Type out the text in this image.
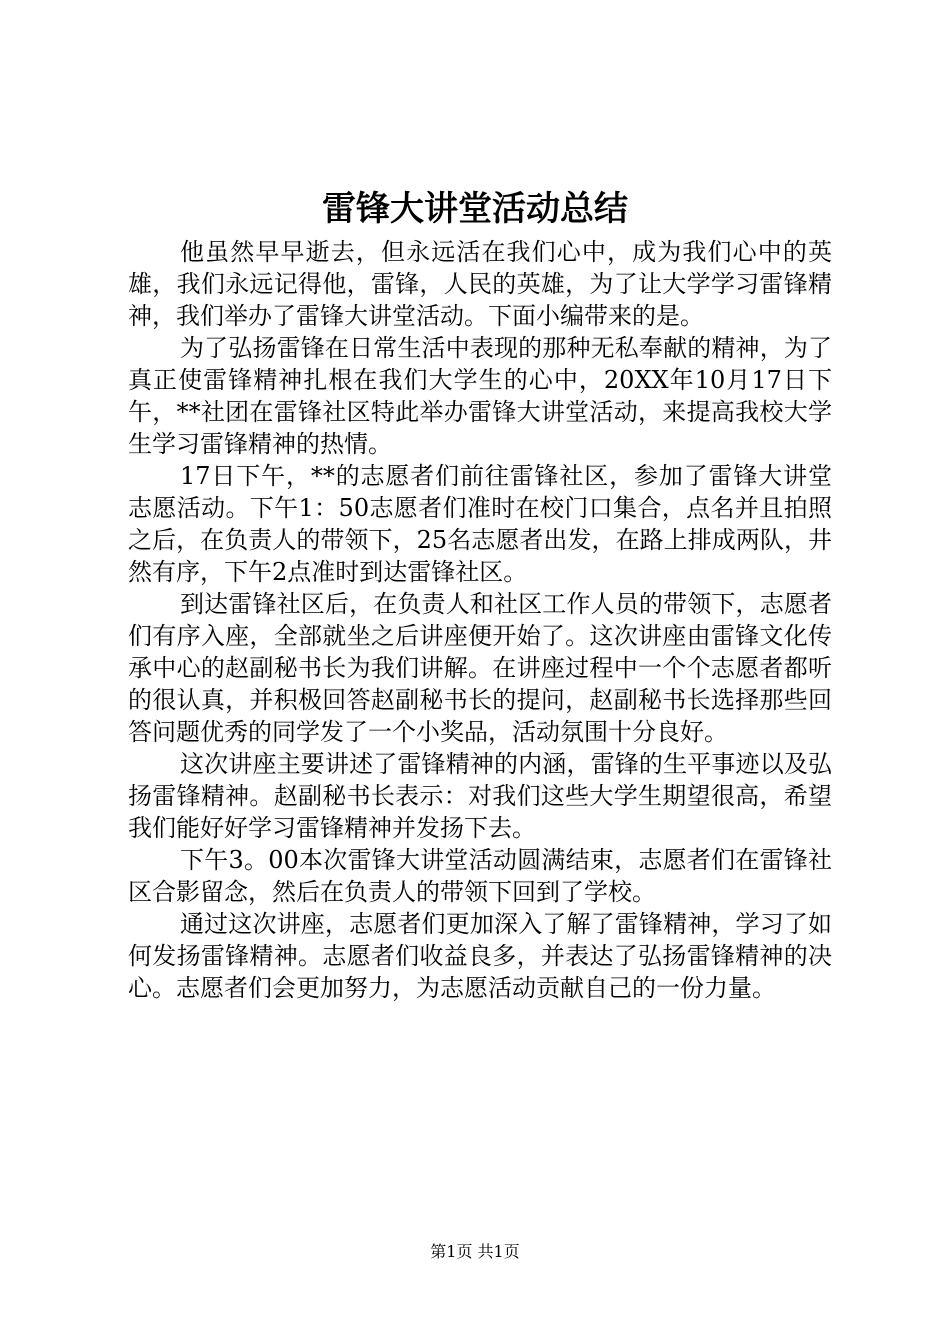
雷锋大讲堂活动总结

他虽然早早逝去，但永远活在我们心中，成为我们心中的英雄，我们永远记得他，雷锋，人民的英雄，为了让大学学习雷锋精神，我们举办了雷锋大讲堂活动。下面小编带来的是。

为了弘扬雷锋在日常生活中表现的那种无私奉献的精神，为了真正使雷锋精神扎根在我们大学生的心中，20XX年10月17日下午，**社团在雷锋社区特此举办雷锋大讲堂活动，来提高我校大学生学习雷锋精神的热情。

17日下午，**的志愿者们前往雷锋社区，参加了雷锋大讲堂志愿活动。下午1：50志愿者们准时在校门口集合，点名并且拍照之后，在负责人的带领下，25名志愿者出发，在路上排成两队，井然有序，下午2点准时到达雷锋社区。

到达雷锋社区后，在负责人和社区工作人员的带领下，志愿者们有序入座，全部就坐之后讲座便开始了。这次讲座由雷锋文化传承中心的赵副秘书长为我们讲解。在讲座过程中一个个志愿者都听的很认真，并积极回答赵副秘书长的提问，赵副秘书长选择那些回答问题优秀的同学发了一个小奖品，活动氛围十分良好。

这次讲座主要讲述了雷锋精神的内涵，雷锋的生平事迹以及弘扬雷锋精神。赵副秘书长表示：对我们这些大学生期望很高，希望我们能好好学习雷锋精神并发扬下去。

下午3。00本次雷锋大讲堂活动圆满结束，志愿者们在雷锋社区合影留念，然后在负责人的带领下回到了学校。

通过这次讲座，志愿者们更加深入了解了雷锋精神，学习了如何发扬雷锋精神。志愿者们收益良多，并表达了弘扬雷锋精神的决心。志愿者们会更加努力，为志愿活动贡献自己的一份力量。

第1页 共1页
